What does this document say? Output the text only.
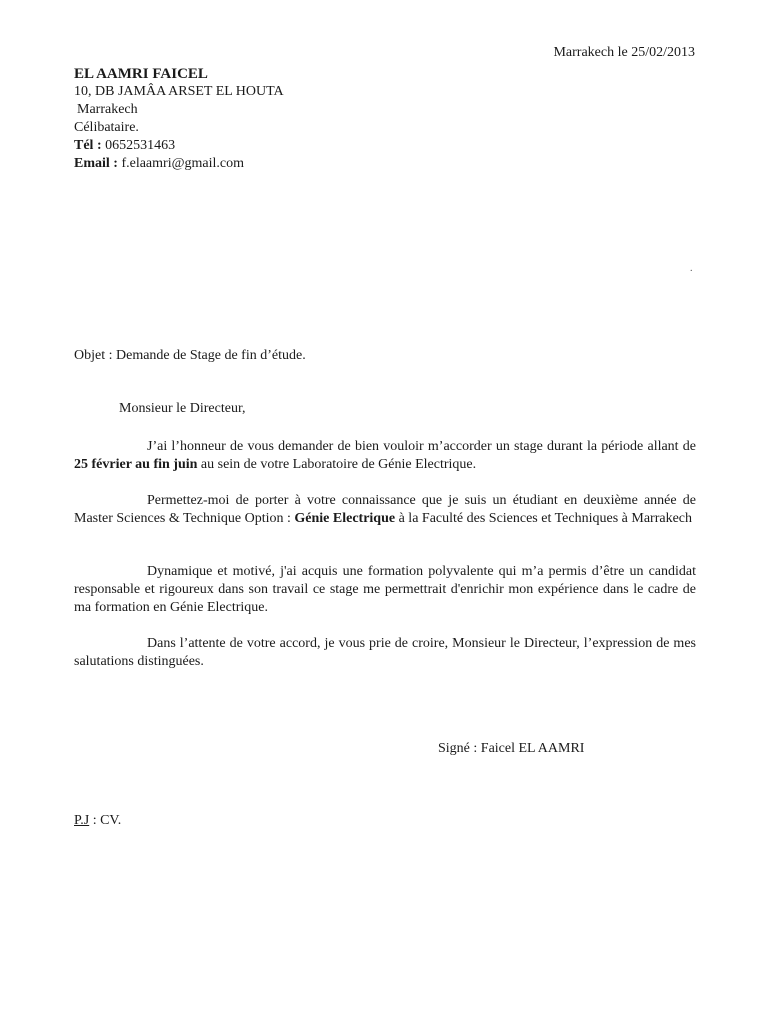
Marrakech le 25/02/2013
EL AAMRI FAICEL
10, DB JAMÂA ARSET EL HOUTA
Marrakech
Célibataire.
Tél : 0652531463
Email : f.elaamri@gmail.com
.
Objet : Demande de Stage de fin d’étude.
Monsieur le Directeur,
J’ai l’honneur de vous demander de bien vouloir m’accorder un stage durant la période allant de 25 février au fin juin au sein de votre Laboratoire de Génie Electrique.
Permettez-moi de porter à votre connaissance que je suis un étudiant en deuxième année de Master Sciences & Technique Option : Génie Electrique à la Faculté des Sciences et Techniques à Marrakech
Dynamique et motivé, j'ai acquis une formation polyvalente qui m’a permis d’être un candidat responsable et rigoureux dans son travail ce stage me permettrait d'enrichir mon expérience dans le cadre de ma formation en Génie Electrique.
Dans l’attente de votre accord, je vous prie de croire, Monsieur le Directeur, l’expression de mes salutations distinguées.
Signé : Faicel EL AAMRI
P.J : CV.
